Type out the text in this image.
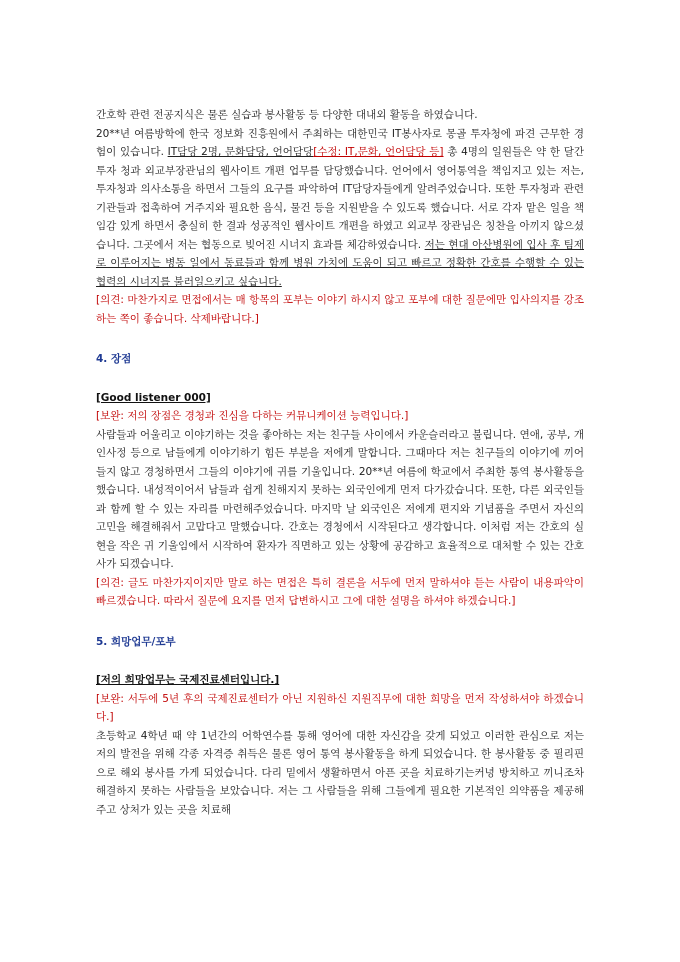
간호학 관련 전공지식은 물론 실습과 봉사활동 등 다양한 대내외 활동을 하였습니다.

20**년 여름방학에 한국 정보화 진흥원에서 주최하는 대한민국 IT봉사자로 몽골 투자청에 파견 근무한 경험이 있습니다. IT담당 2명, 문화담당, 언어담당[수정: IT,문화, 언어담당 등] 총 4명의 일원들은 약 한 달간 투자 청과 외교부장관님의 웹사이트 개편 업무를 담당했습니다. 언어에서 영어통역을 책임지고 있는 저는, 투자청과 의사소통을 하면서 그들의 요구를 파악하여 IT담당자들에게 알려주었습니다. 또한 투자청과 관련기관들과 접촉하여 거주지와 필요한 음식, 물건 등을 지원받을 수 있도록 했습니다. 서로 각자 맡은 일을 책임감 있게 하면서 충실히 한 결과 성공적인 웹사이트 개편을 하였고 외교부 장관님은 칭찬을 아끼지 않으셨습니다. 그곳에서 저는 협동으로 빚어진 시너지 효과를 체감하였습니다. 저는 현대 아산병원에 입사 후 팀제로 이루어지는 병동 일에서 동료들과 함께 병원 가치에 도움이 되고 빠르고 정확한 간호를 수행할 수 있는 협력의 시너지를 불러일으키고 싶습니다.

[의견: 마찬가지로 면접에서는 매 항목의 포부는 이야기 하시지 않고 포부에 대한 질문에만 입사의지를 강조하는 쪽이 좋습니다. 삭제바랍니다.]

4. 장점

[Good listener 000]

[보완: 저의 장점은 경청과 진심을 다하는 커뮤니케이션 능력입니다.]

사람들과 어울리고 이야기하는 것을 좋아하는 저는 친구들 사이에서 카운슬러라고 불립니다. 연애, 공부, 개인사정 등으로 남들에게 이야기하기 힘든 부분을 저에게 말합니다. 그때마다 저는 친구들의 이야기에 끼어들지 않고 경청하면서 그들의 이야기에 귀를 기울입니다. 20**년 여름에 학교에서 주최한 통역 봉사활동을 했습니다. 내성적이어서 남들과 쉽게 친해지지 못하는 외국인에게 먼저 다가갔습니다. 또한, 다른 외국인들과 함께 할 수 있는 자리를 마련해주었습니다. 마지막 날 외국인은 저에게 편지와 기념품을 주면서 자신의 고민을 해결해줘서 고맙다고 말했습니다. 간호는 경청에서 시작된다고 생각합니다. 이처럼 저는 간호의 실현을 작은 귀 기울임에서 시작하여 환자가 직면하고 있는 상황에 공감하고 효율적으로 대처할 수 있는 간호사가 되겠습니다.

[의견: 글도 마찬가지이지만 말로 하는 면접은 특히 결론을 서두에 먼저 말하셔야 듣는 사람이 내용파악이 빠르겠습니다. 따라서 질문에 요지를 먼저 답변하시고 그에 대한 설명을 하셔야 하겠습니다.]

5. 희망업무/포부

[저의 희망업무는 국제진료센터입니다.]

[보완: 서두에 5년 후의 국제진료센터가 아닌 지원하신 지원직무에 대한 희망을 먼저 작성하셔야 하겠습니다.]

초등학교 4학년 때 약 1년간의 어학연수를 통해 영어에 대한 자신감을 갖게 되었고 이러한 관심으로 저는 저의 발전을 위해 각종 자격증 취득은 물론 영어 통역 봉사활동을 하게 되었습니다. 한 봉사활동 중 필리핀으로 해외 봉사를 가게 되었습니다. 다리 밑에서 생활하면서 아픈 곳을 치료하기는커녕 방치하고 끼니조차 해결하지 못하는 사람들을 보았습니다. 저는 그 사람들을 위해 그들에게 필요한 기본적인 의약품을 제공해주고 상처가 있는 곳을 치료해
